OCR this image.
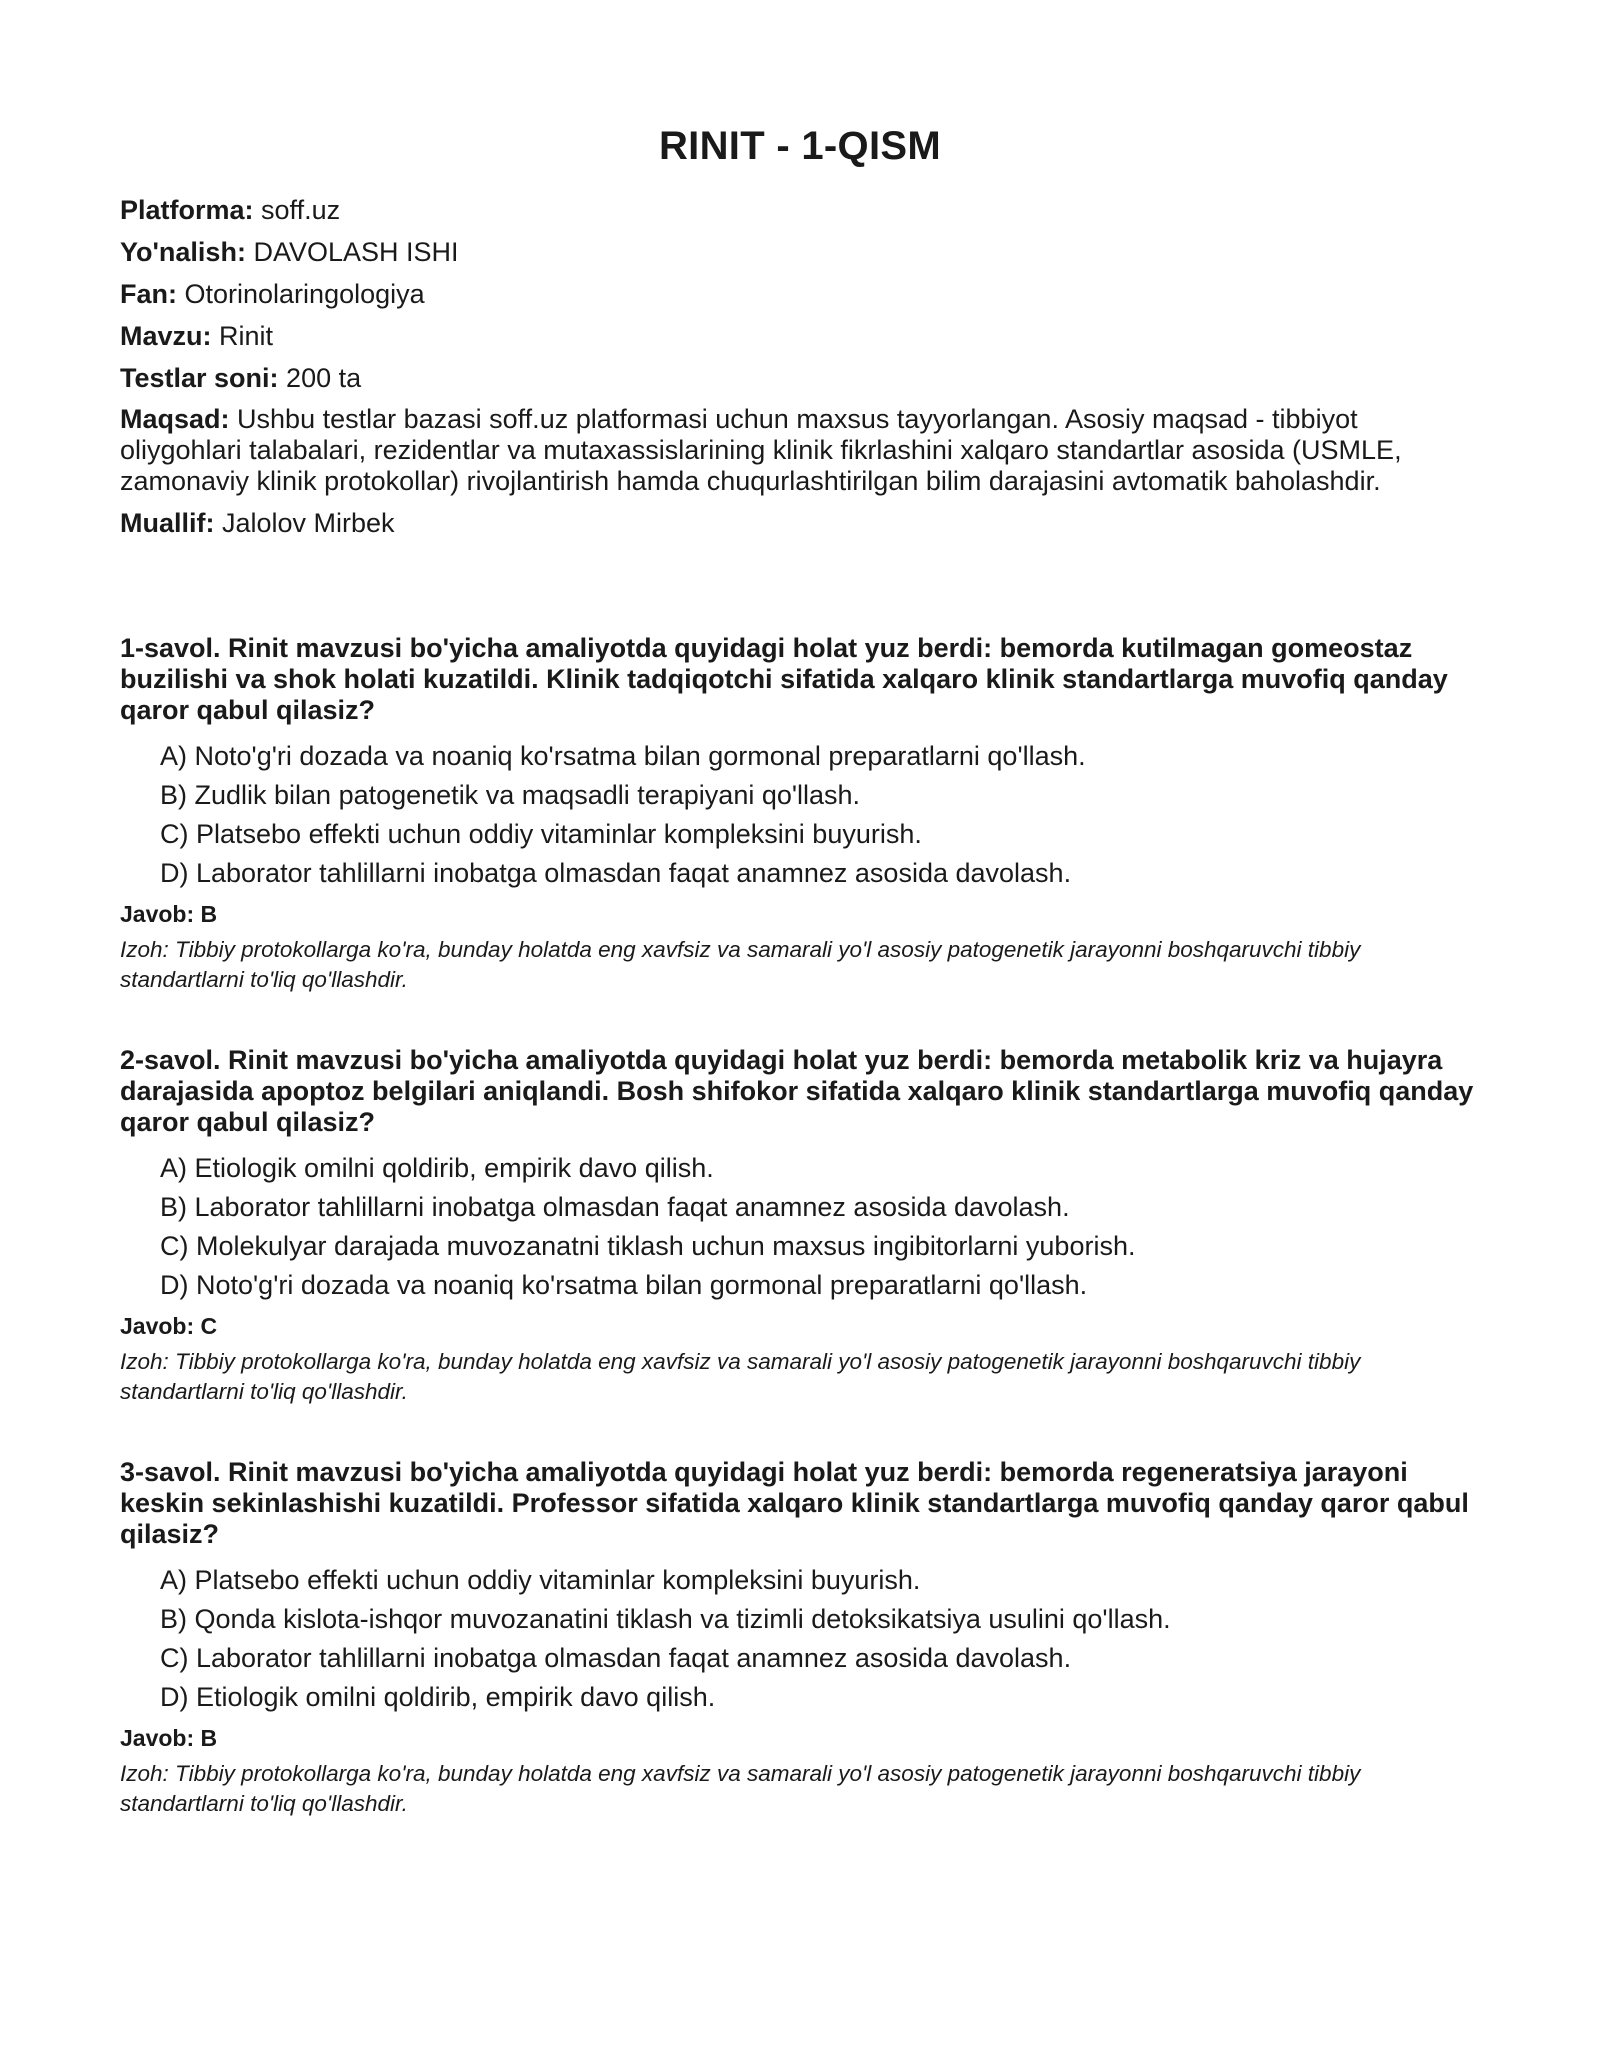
RINIT - 1-QISM

Platforma: soff.uz

Yo'nalish: DAVOLASH ISHI

Fan: Otorinolaringologiya

Mavzu: Rinit

Testlar soni: 200 ta

Maqsad: Ushbu testlar bazasi soff.uz platformasi uchun maxsus tayyorlangan. Asosiy maqsad - tibbiyot oliygohlari talabalari, rezidentlar va mutaxassislarining klinik fikrlashini xalqaro standartlar asosida (USMLE, zamonaviy klinik protokollar) rivojlantirish hamda chuqurlashtirilgan bilim darajasini avtomatik baholashdir.

Muallif: Jalolov Mirbek

1-savol. Rinit mavzusi bo'yicha amaliyotda quyidagi holat yuz berdi: bemorda kutilmagan gomeostaz buzilishi va shok holati kuzatildi. Klinik tadqiqotchi sifatida xalqaro klinik standartlarga muvofiq qanday qaror qabul qilasiz?

A) Noto'g'ri dozada va noaniq ko'rsatma bilan gormonal preparatlarni qo'llash.
B) Zudlik bilan patogenetik va maqsadli terapiyani qo'llash.
C) Platsebo effekti uchun oddiy vitaminlar kompleksini buyurish.
D) Laborator tahlillarni inobatga olmasdan faqat anamnez asosida davolash.

Javob: B

Izoh: Tibbiy protokollarga ko'ra, bunday holatda eng xavfsiz va samarali yo'l asosiy patogenetik jarayonni boshqaruvchi tibbiy standartlarni to'liq qo'llashdir.

2-savol. Rinit mavzusi bo'yicha amaliyotda quyidagi holat yuz berdi: bemorda metabolik kriz va hujayra darajasida apoptoz belgilari aniqlandi. Bosh shifokor sifatida xalqaro klinik standartlarga muvofiq qanday qaror qabul qilasiz?

A) Etiologik omilni qoldirib, empirik davo qilish.
B) Laborator tahlillarni inobatga olmasdan faqat anamnez asosida davolash.
C) Molekulyar darajada muvozanatni tiklash uchun maxsus ingibitorlarni yuborish.
D) Noto'g'ri dozada va noaniq ko'rsatma bilan gormonal preparatlarni qo'llash.

Javob: C

Izoh: Tibbiy protokollarga ko'ra, bunday holatda eng xavfsiz va samarali yo'l asosiy patogenetik jarayonni boshqaruvchi tibbiy standartlarni to'liq qo'llashdir.

3-savol. Rinit mavzusi bo'yicha amaliyotda quyidagi holat yuz berdi: bemorda regeneratsiya jarayoni keskin sekinlashishi kuzatildi. Professor sifatida xalqaro klinik standartlarga muvofiq qanday qaror qabul qilasiz?

A) Platsebo effekti uchun oddiy vitaminlar kompleksini buyurish.
B) Qonda kislota-ishqor muvozanatini tiklash va tizimli detoksikatsiya usulini qo'llash.
C) Laborator tahlillarni inobatga olmasdan faqat anamnez asosida davolash.
D) Etiologik omilni qoldirib, empirik davo qilish.

Javob: B

Izoh: Tibbiy protokollarga ko'ra, bunday holatda eng xavfsiz va samarali yo'l asosiy patogenetik jarayonni boshqaruvchi tibbiy standartlarni to'liq qo'llashdir.
